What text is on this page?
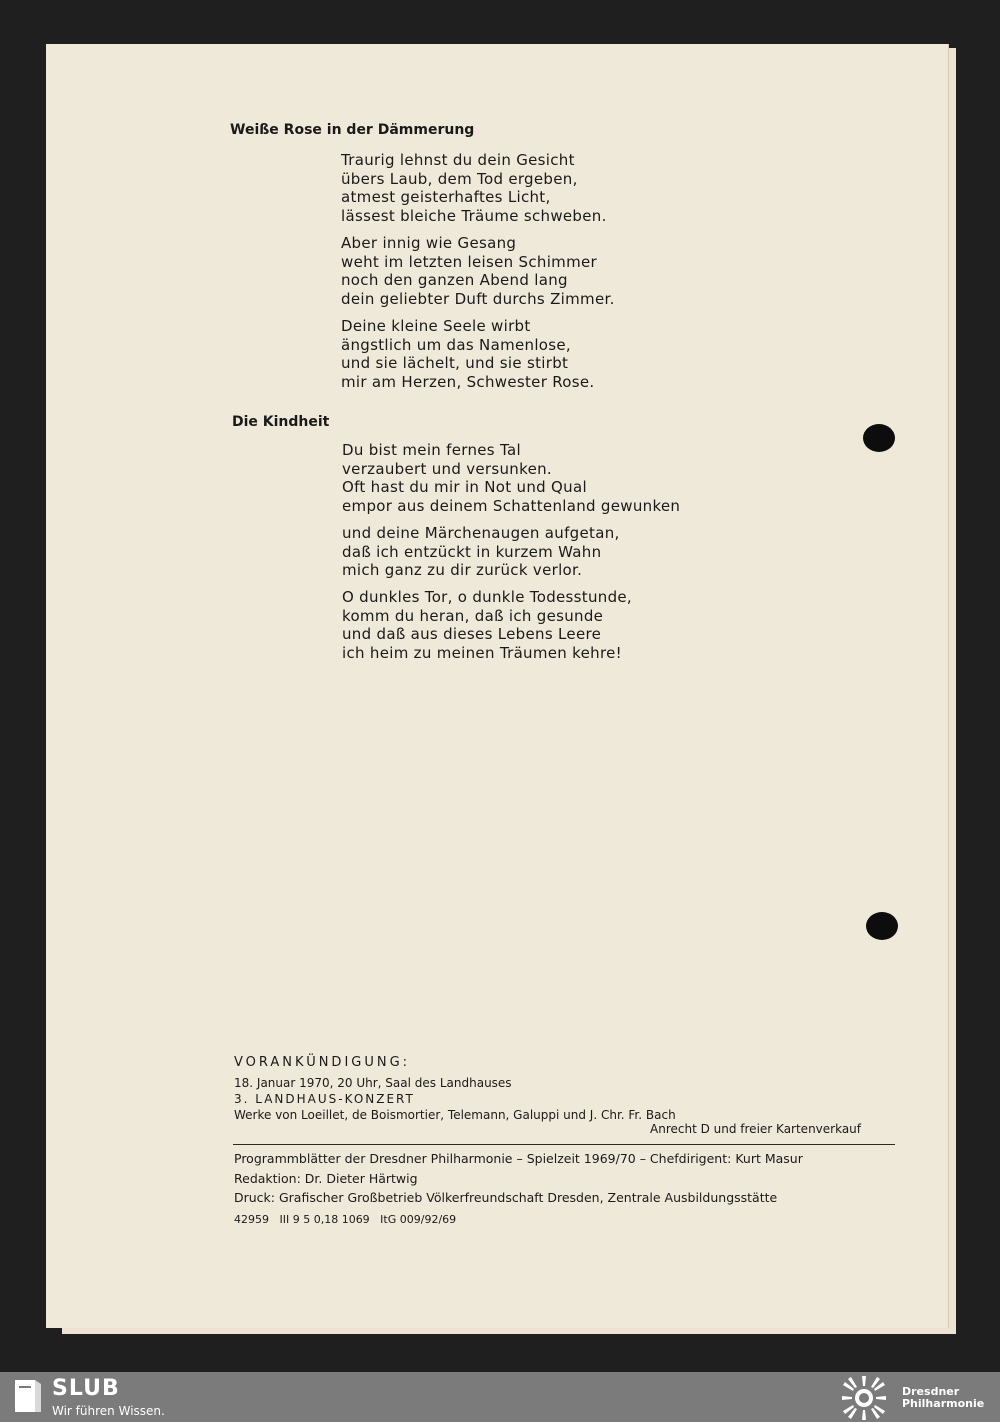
Weiße Rose in der Dämmerung
Traurig lehnst du dein Gesicht
übers Laub, dem Tod ergeben,
atmest geisterhaftes Licht,
lässest bleiche Träume schweben.
Aber innig wie Gesang
weht im letzten leisen Schimmer
noch den ganzen Abend lang
dein geliebter Duft durchs Zimmer.
Deine kleine Seele wirbt
ängstlich um das Namenlose,
und sie lächelt, und sie stirbt
mir am Herzen, Schwester Rose.
Die Kindheit
Du bist mein fernes Tal
verzaubert und versunken.
Oft hast du mir in Not und Qual
empor aus deinem Schattenland gewunken
und deine Märchenaugen aufgetan,
daß ich entzückt in kurzem Wahn
mich ganz zu dir zurück verlor.
O dunkles Tor, o dunkle Todesstunde,
komm du heran, daß ich gesunde
und daß aus dieses Lebens Leere
ich heim zu meinen Träumen kehre!
VORANKÜNDIGUNG:
18. Januar 1970, 20 Uhr, Saal des Landhauses
3. LANDHAUS-KONZERT
Werke von Loeillet, de Boismortier, Telemann, Galuppi und J. Chr. Fr. Bach
Anrecht D und freier Kartenverkauf
Programmblätter der Dresdner Philharmonie – Spielzeit 1969/70 – Chefdirigent: Kurt Masur
Redaktion: Dr. Dieter Härtwig
Druck: Grafischer Großbetrieb Völkerfreundschaft Dresden, Zentrale Ausbildungsstätte
42959   III 9 5 0,18 1069   ItG 009/92/69
SLUB
Wir führen Wissen.
Dresdner
Philharmonie
